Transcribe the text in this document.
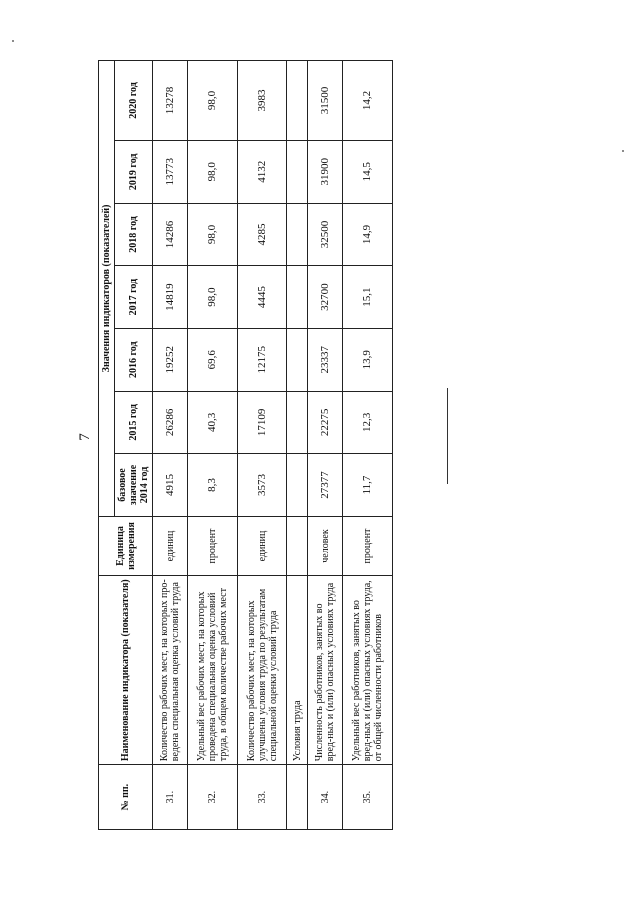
7
№ пп.	Наименование индикатора (показателя)	Единица измерения	Значения индикаторов (показателей)						
			базовое значение 2014 год	2015 год	2016 год	2017 год	2018 год	2019 год	2020 год
31.	Количество рабочих мест, на которых про-ведена специальная оценка условий труда	единиц	4915	26286	19252	14819	14286	13773	13278
32.	Удельный вес рабочих мест, на которых проведена специальная оценка условий труда, в общем количестве рабочих мест	процент	8,3	40,3	69,6	98,0	98,0	98,0	98,0
33.	Количество рабочих мест, на которых улучшены условия труда по результатам специальной оценки условий труда	единиц	3573	17109	12175	4445	4285	4132	3983
	Условия труда								
34.	Численность работников, занятых во вред-ных и (или) опасных условиях труда	человек	27377	22275	23337	32700	32500	31900	31500
35.	Удельный вес работников, занятых во вред-ных и (или) опасных условиях труда, от общей численности работников	процент	11,7	12,3	13,9	15,1	14,9	14,5	14,2
